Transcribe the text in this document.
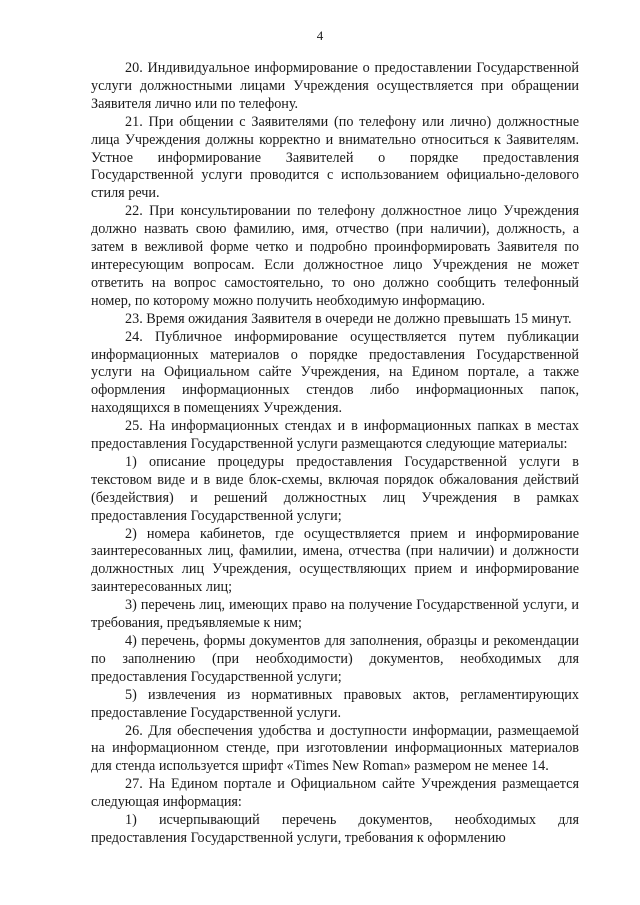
4

20. Индивидуальное информирование о предоставлении Государственной услуги должностными лицами Учреждения осуществляется при обращении Заявителя лично или по телефону.

21. При общении с Заявителями (по телефону или лично) должностные лица Учреждения должны корректно и внимательно относиться к Заявителям. Устное информирование Заявителей о порядке предоставления Государственной услуги проводится с использованием официально-делового стиля речи.

22. При консультировании по телефону должностное лицо Учреждения должно назвать свою фамилию, имя, отчество (при наличии), должность, а затем в вежливой форме четко и подробно проинформировать Заявителя по интересующим вопросам. Если должностное лицо Учреждения не может ответить на вопрос самостоятельно, то оно должно сообщить телефонный номер, по которому можно получить необходимую информацию.

23. Время ожидания Заявителя в очереди не должно превышать 15 минут.

24. Публичное информирование осуществляется путем публикации информационных материалов о порядке предоставления Государственной услуги на Официальном сайте Учреждения, на Едином портале, а также оформления информационных стендов либо информационных папок, находящихся в помещениях Учреждения.

25. На информационных стендах и в информационных папках в местах предоставления Государственной услуги размещаются следующие материалы:

1) описание процедуры предоставления Государственной услуги в текстовом виде и в виде блок-схемы, включая порядок обжалования действий (бездействия) и решений должностных лиц Учреждения в рамках предоставления Государственной услуги;

2) номера кабинетов, где осуществляется прием и информирование заинтересованных лиц, фамилии, имена, отчества (при наличии) и должности должностных лиц Учреждения, осуществляющих прием и информирование заинтересованных лиц;

3) перечень лиц, имеющих право на получение Государственной услуги, и требования, предъявляемые к ним;

4) перечень, формы документов для заполнения, образцы и рекомендации по заполнению (при необходимости) документов, необходимых для предоставления Государственной услуги;

5) извлечения из нормативных правовых актов, регламентирующих предоставление Государственной услуги.

26. Для обеспечения удобства и доступности информации, размещаемой на информационном стенде, при изготовлении информационных материалов для стенда используется шрифт «Times New Roman» размером не менее 14.

27. На Едином портале и Официальном сайте Учреждения размещается следующая информация:

1) исчерпывающий перечень документов, необходимых для предоставления Государственной услуги, требования к оформлению
